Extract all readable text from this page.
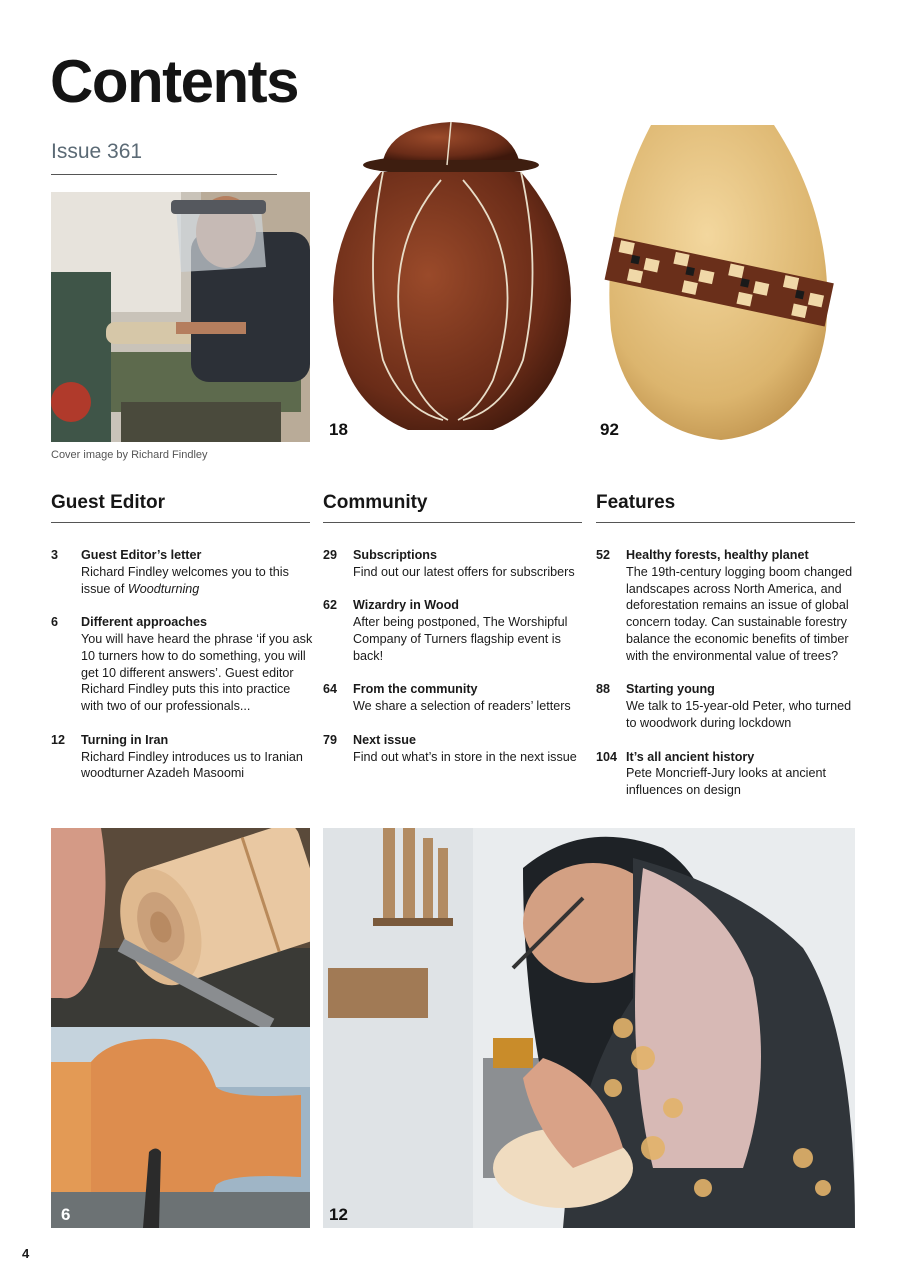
Contents
Issue 361
Cover image by Richard Findley
18	92
Guest Editor	Community	Features
3 Guest Editor’s letter
Richard Findley welcomes you to this issue of Woodturning
6 Different approaches
You will have heard the phrase ‘if you ask 10 turners how to do something, you will get 10 different answers’. Guest editor Richard Findley puts this into practice with two of our professionals...
12 Turning in Iran
Richard Findley introduces us to Iranian woodturner Azadeh Masoomi
29 Subscriptions
Find out our latest offers for subscribers
62 Wizardry in Wood
After being postponed, The Worshipful Company of Turners flagship event is back!
64 From the community
We share a selection of readers’ letters
79 Next issue
Find out what’s in store in the next issue
52 Healthy forests, healthy planet
The 19th-century logging boom changed landscapes across North America, and deforestation remains an issue of global concern today. Can sustainable forestry balance the economic benefits of timber with the environmental value of trees?
88 Starting young
We talk to 15-year-old Peter, who turned to woodwork during lockdown
104 It’s all ancient history
Pete Moncrieff-Jury looks at ancient influences on design
6	12
4
